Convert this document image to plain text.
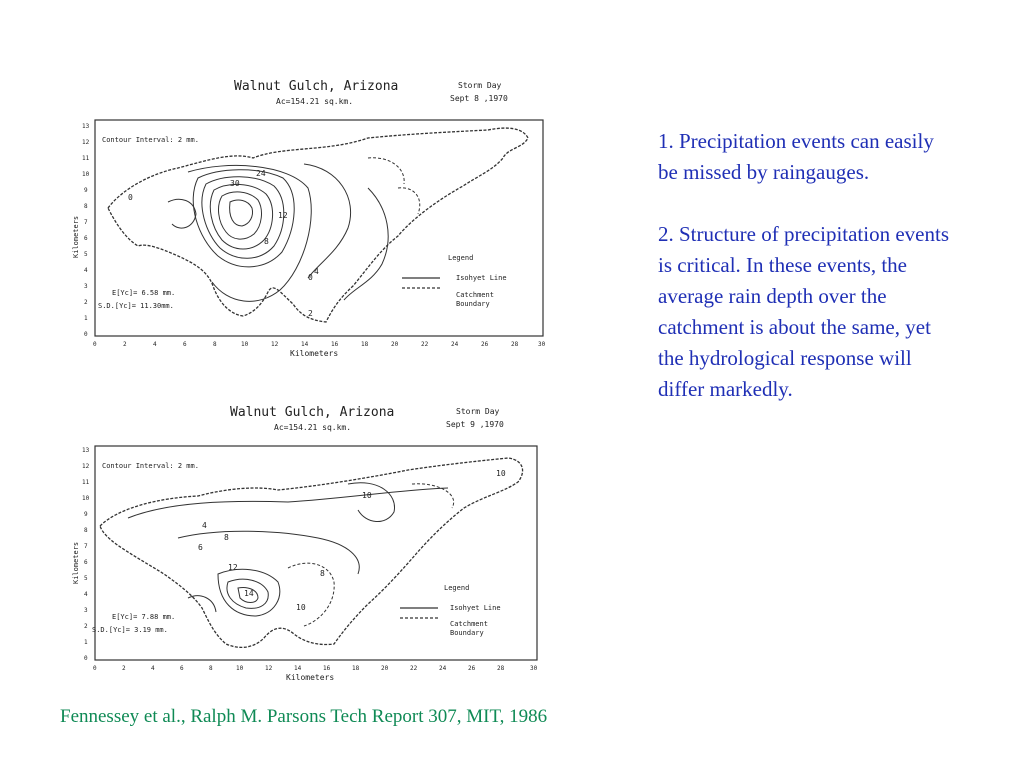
Walnut Gulch, Arizona
Ac=154.21 sq.km.
Storm Day
Sept 8 ,1970
0
1
2
3
4
5
6
7
8
9
10
11
12
13
Kilometers
0	2	4	6	8	10	12	14	16	18	20	22	24	26	28	30
Kilometers
Contour Interval: 2 mm.
0
30
24
12
8
4
0
2
Legend
Isohyet Line
Catchment
Boundary
E[Yc]= 6.58 mm.
S.D.[Yc]= 11.30mm.
Walnut Gulch, Arizona
Ac=154.21 sq.km.
Storm Day
Sept 9 ,1970
0
1
2
3
4
5
6
7
8
9
10
11
12
13
Kilometers
0	2	4	6	8	10	12	14	16	18	20	22	24	26	28	30
Kilometers
Contour Interval: 2 mm.
10
8
6
4
12
14
10
8
10
Legend
Isohyet Line
Catchment
Boundary
E[Yc]= 7.88 mm.
S.D.[Yc]= 3.19 mm.

1. Precipitation events can easily be missed by raingauges.

2. Structure of precipitation events is critical. In these events, the average rain depth over the catchment is about the same, yet the hydrological response will differ markedly.

Fennessey et al., Ralph M. Parsons Tech Report 307, MIT, 1986
